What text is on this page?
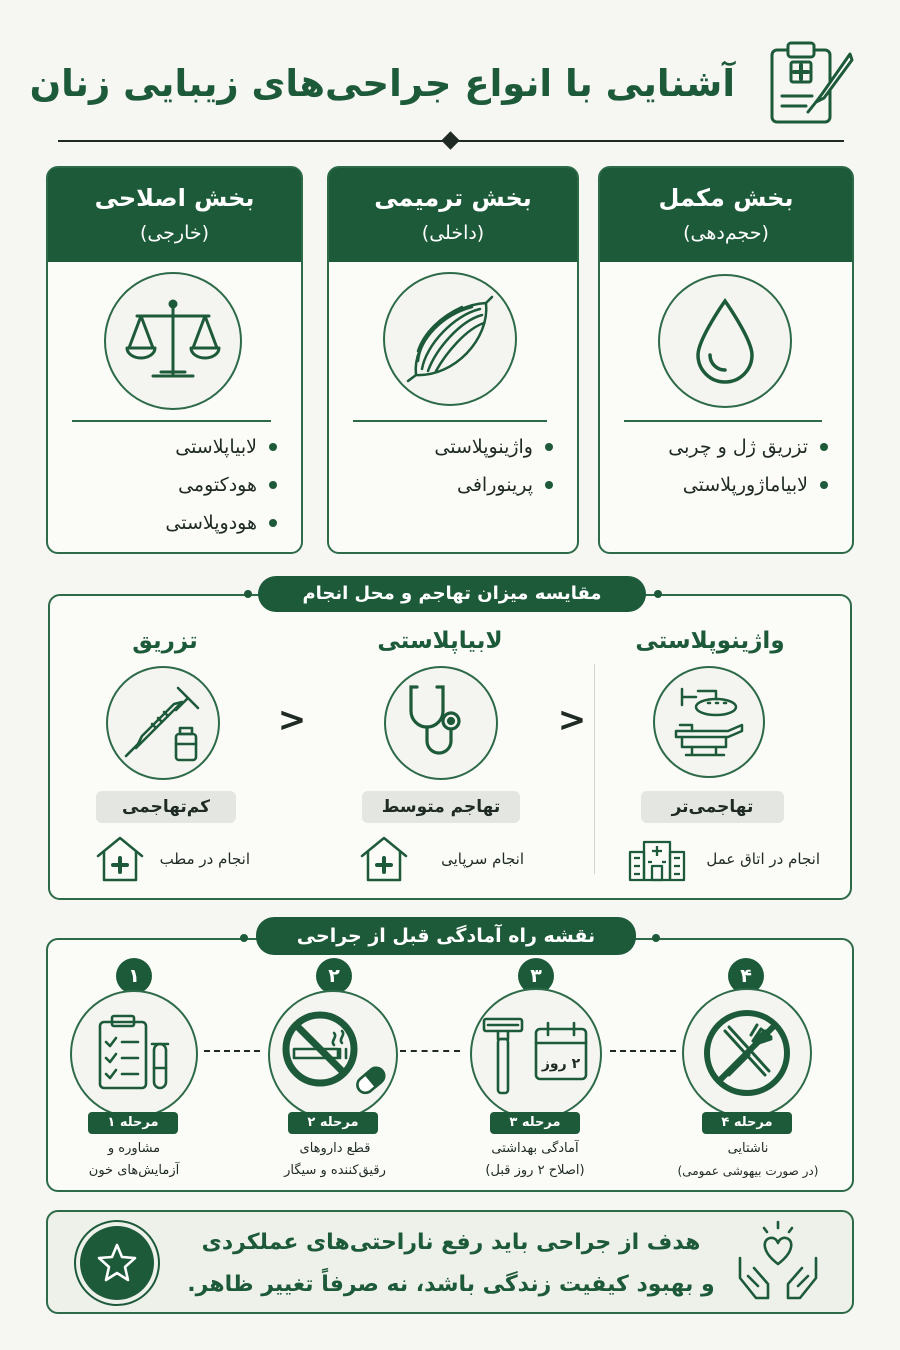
آشنایی با انواع جراحی‌های زیبایی زنان
بخش مکمل
(حجم‌دهی)
تزریق ژل و چربی
لابیاماژورپلاستی
بخش ترمیمی
(داخلی)
واژینوپلاستی
پرینورافی
بخش اصلاحی
(خارجی)
لابیاپلاستی
هودکتومی
هودوپلاستی
مقایسه میزان تهاجم و محل انجام
واژینوپلاستی
تهاجمی‌تر
انجام در اتاق عمل
<
لابیاپلاستی
تهاجم متوسط
انجام سرپایی
<
تزریق
کم‌تهاجمی
انجام در مطب
نقشه راه آمادگی قبل از جراحی
۱
مرحله ۱
مشاوره و
آزمایش‌های خون
۲
مرحله ۲
قطع داروهای
رقیق‌کننده و سیگار
۳
۲ روز
مرحله ۳
آمادگی بهداشتی
(اصلاح ۲ روز قبل)
۴
مرحله ۴
ناشتایی
(در صورت بیهوشی عمومی)
هدف از جراحی باید رفع ناراحتی‌های عملکردی
و بهبود کیفیت زندگی باشد، نه صرفاً تغییر ظاهر.
